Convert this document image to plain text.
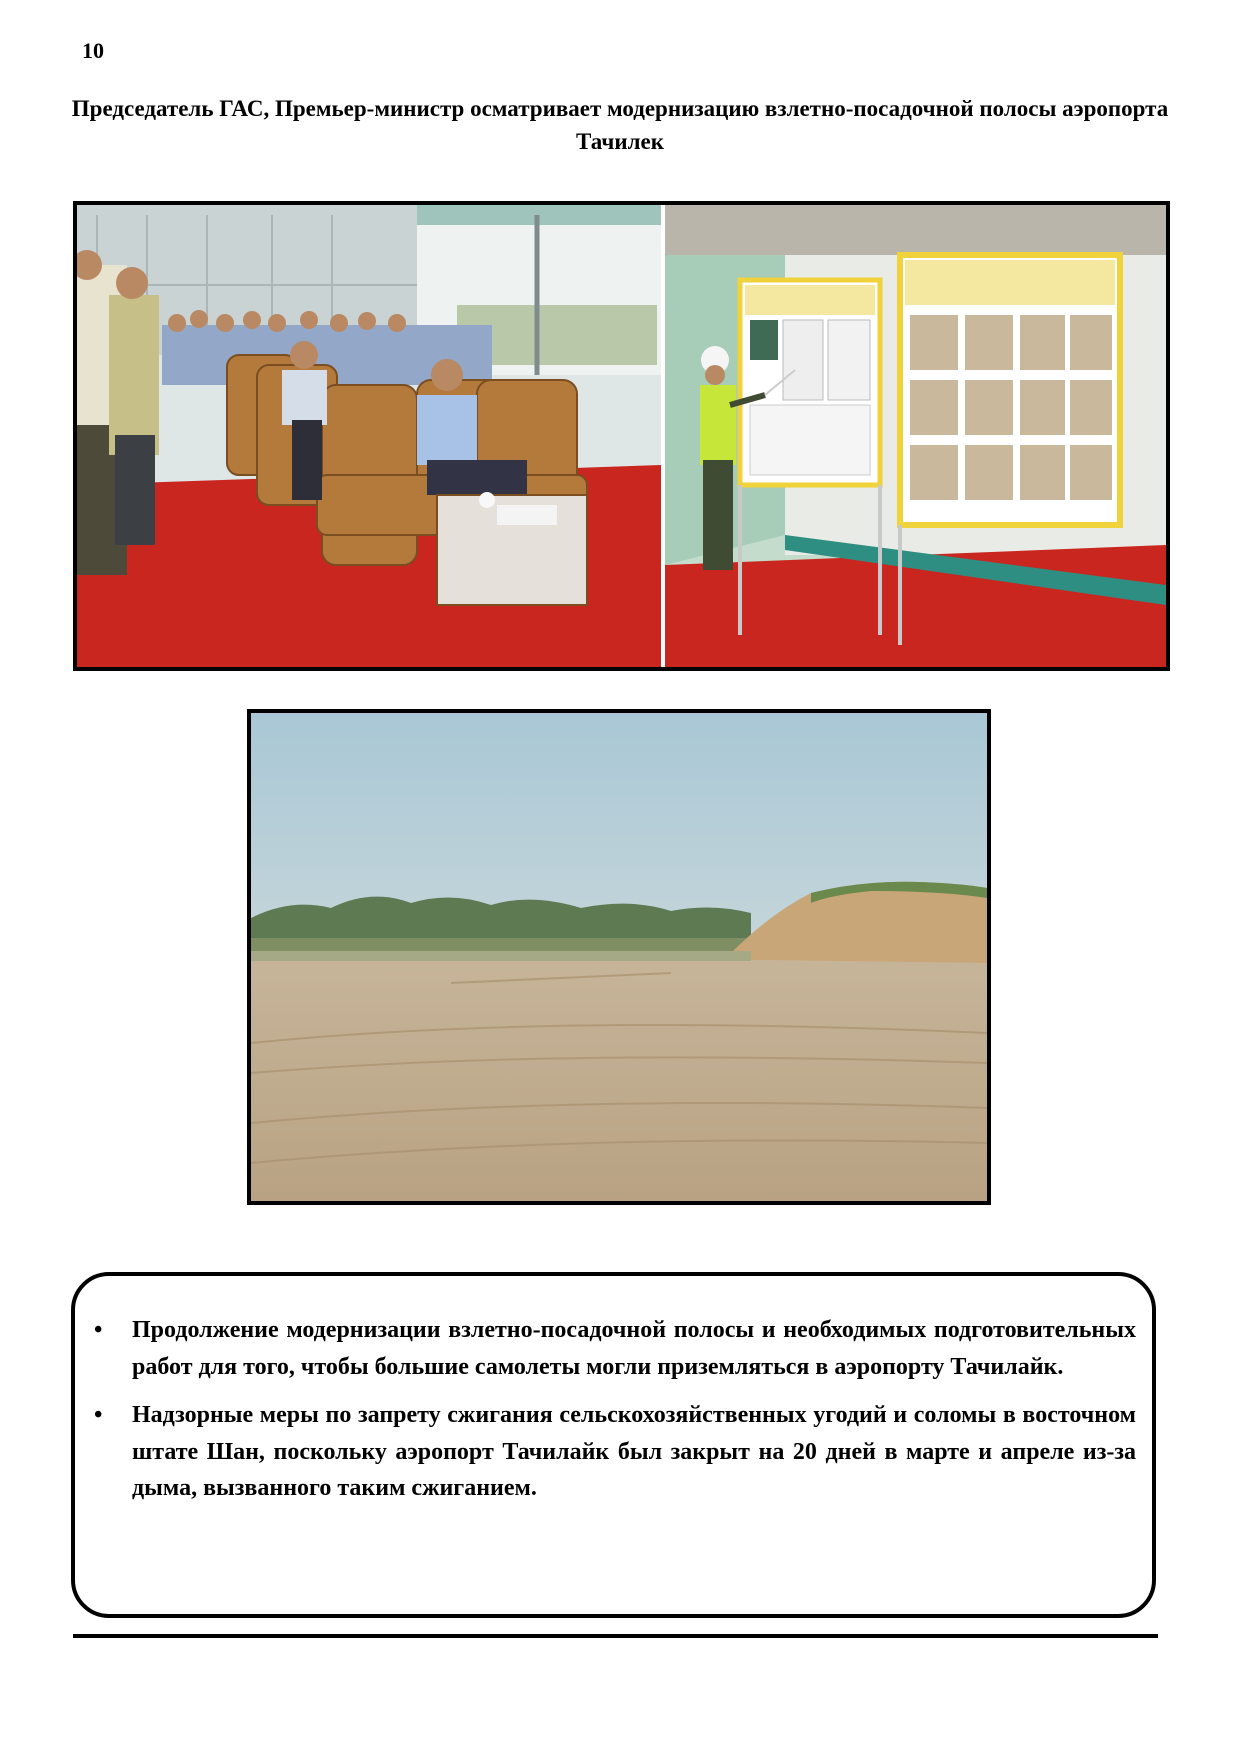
10
Председатель ГАС, Премьер-министр осматривает модернизацию взлетно-посадочной полосы аэропорта Тачилек
• Продолжение модернизации взлетно-посадочной полосы и необходимых подготовительных работ для того, чтобы большие самолеты могли приземляться в аэропорту Тачилайк.
• Надзорные меры по запрету сжигания сельскохозяйственных угодий и соломы в восточном штате Шан, поскольку аэропорт Тачилайк был закрыт на 20 дней в марте и апреле из-за дыма, вызванного таким сжиганием.
